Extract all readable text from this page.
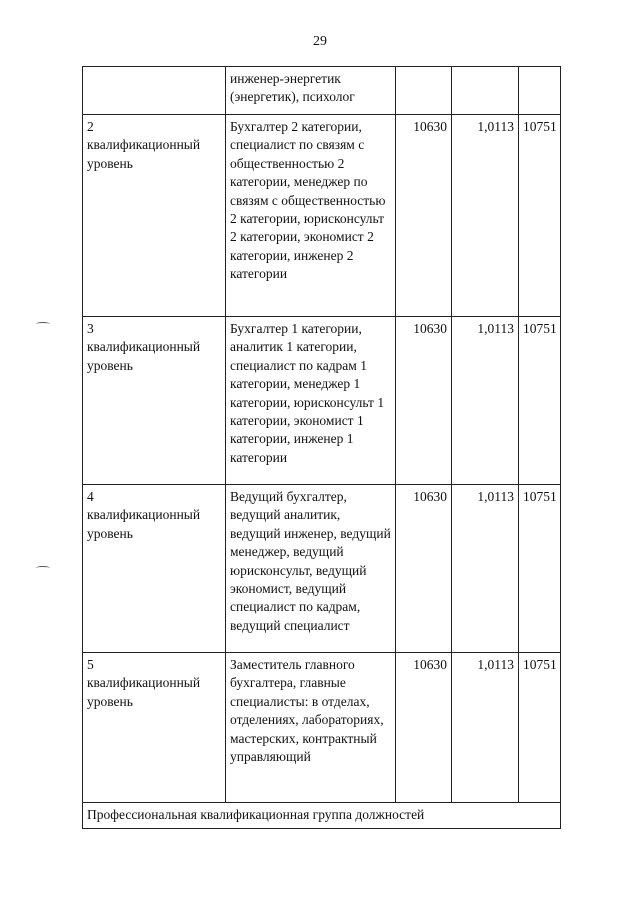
29
	инженер-энергетик (энергетик), психолог			

2
квалификационный уровень	Бухгалтер 2 категории, специалист по связям с общественностью 2 категории, менеджер по связям с общественностью 2 категории, юрисконсульт 2 категории, экономист 2 категории, инженер 2 категории	10630	1,0113	10751

3
квалификационный уровень	Бухгалтер 1 категории, аналитик 1 категории, специалист по кадрам 1 категории, менеджер 1 категории, юрисконсульт 1 категории, экономист 1 категории, инженер 1 категории	10630	1,0113	10751

4
квалификационный уровень	Ведущий бухгалтер, ведущий аналитик, ведущий инженер, ведущий менеджер, ведущий юрисконсульт, ведущий экономист, ведущий специалист по кадрам, ведущий специалист	10630	1,0113	10751

5
квалификационный уровень	Заместитель главного бухгалтера, главные специалисты: в отделах, отделениях, лабораториях, мастерских, контрактный управляющий	10630	1,0113	10751
Профессиональная квалификационная группа должностей				
